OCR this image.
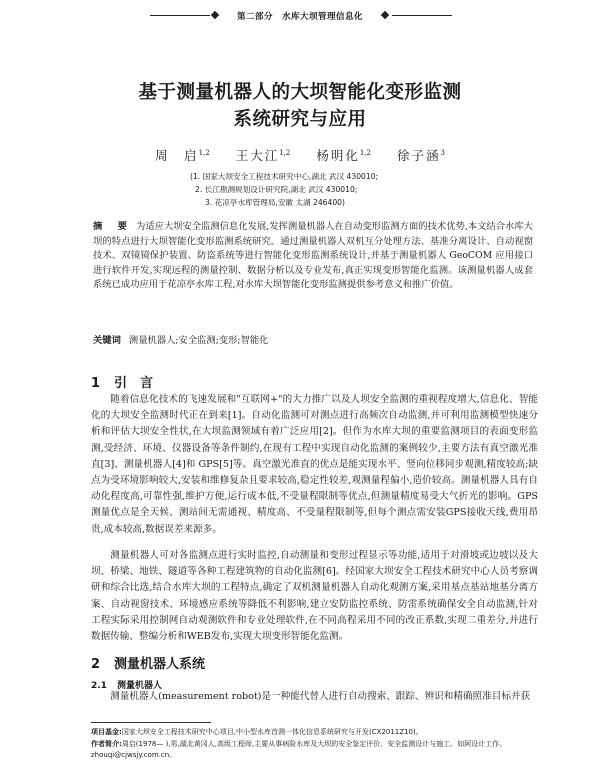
第二部分　水库大坝管理信息化
基于测量机器人的大坝智能化变形监测
系统研究与应用
周　启$^{1,2}$ 王大江$^{1,2}$ 杨明化$^{1,2}$ 徐子涵$^3$
(1. 国家大坝安全工程技术研究中心,湖北 武汉 430010;
2. 长江勘测规划设计研究院,湖北 武汉 430010;
3. 花凉亭水库管理局,安徽 太湖 246400)
摘　要 为适应大坝安全监测信息化发展,发挥测量机器人在自动变形监测方面的技术优势,本文结合水库大坝的特点进行大坝智能化变形监测系统研究。通过测量机器人双机互分处理方法、基准分离设计、自动视窗技术、双镜镜保护装置、防盗系统等进行智能化变形监测系统设计,并基于测量机器人 GeoCOM 应用接口进行软件开发,实现远程的测量控制、数据分析以及专业发布,真正实现变形智能化监测。该测量机器人成套系统已成功应用于花凉亭水库工程,对水库大坝智能化变形监测提供参考意义和推广价值。
关键词 测量机器人;安全监测;变形;智能化
1 引　言
随着信息化技术的飞速发展和"互联网+"的大力推广以及人坝安全监测的重视程度增大,信息化、智能化的大坝安全监测时代正在到来[1]。自动化监测可对测点进行高频次自动监测,并可利用监测模型快速分析和评估大坝安全性状,在大坝监测领域有着广泛应用[2]。但作为水库大坝的重要监测项目的表面变形监测,受经济、环境、仪器设备等条件制约,在现有工程中实现自动化监测的案例较少,主要方法有真空激光准直[3]、测量机器人[4]和 GPS[5]等。真空激光准直的优点是能实现水平、竖向位移同步观测,精度较高;缺点为受环境影响较大,安装和维修复杂且要求较高,稳定性较差,观测量程偏小,造价较高。测量机器人具有自动化程度高,可靠性强,维护方便,运行成本低,不受量程限制等优点,但测量精度易受大气折光的影响。GPS测量优点是全天候、测站间无需通视、精度高、不受量程限制等,但每个测点需安装GPS接收天线,费用昂贵,成本较高,数据误差来源多。
测量机器人可对各监测点进行实时监控,自动测量和变形过程显示等功能,适用于对滑坡或边坡以及大坝、桥梁、地铁、隧道等各种工程建筑物的自动化监测[6]。经国家大坝安全工程技术研究中心人员考察调研和综合比选,结合水库大坝的工程特点,确定了双机测量机器人自动化观测方案,采用基点基站地基分离方案、自动视窗技术、环境感应系统等降低不利影响,建立安防监控系统、防雷系统确保安全自动监测,针对工程实际采用控制网自动观测软件和专业处理软件,在不同高程采用不同的改正系数,实现二重差分,并进行数据传输、整编分析和WEB发布,实现大坝变形智能化监测。
2 测量机器人系统
2.1 测量机器人
测量机器人(measurement robot)是一种能代替人进行自动搜索、跟踪、辨识和精确照准目标并获
项目基金:国家大坝安全工程技术研究中心项目,中小型水库首测一体化信息系统研究与开发(CX2011Z10)。
作者简介:周启(1978— ),男,湖北黄冈人,高级工程师,主要从事病险水库及大坝的安全鉴定评价、安全监测设计与施工。如阿设计工作。zhouqi@cjwsjy.com.cn。
